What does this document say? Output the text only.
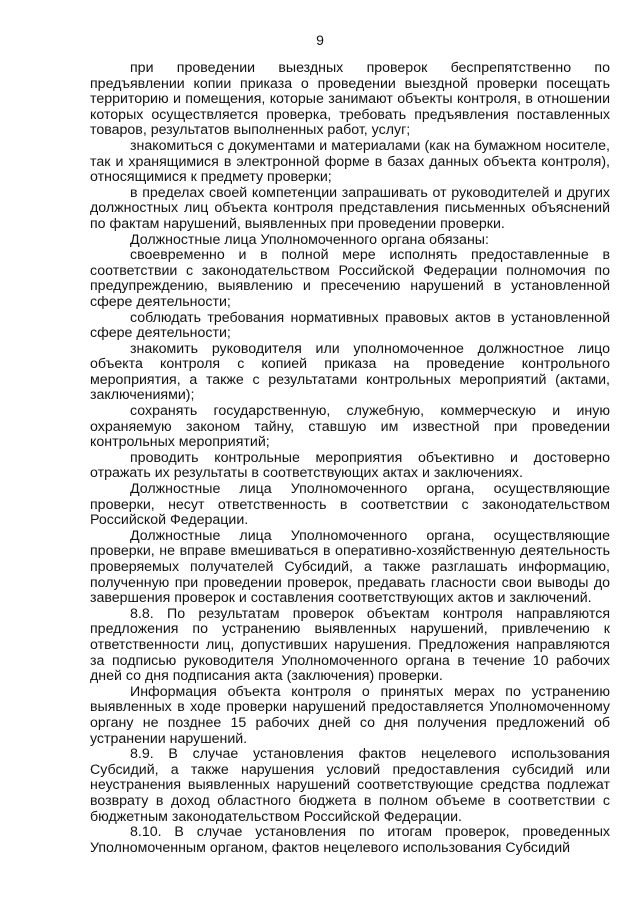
9

при проведении выездных проверок беспрепятственно по предъявлении копии приказа о проведении выездной проверки посещать территорию и помещения, которые занимают объекты контроля, в отношении которых осуществляется проверка, требовать предъявления поставленных товаров, результатов выполненных работ, услуг;

знакомиться с документами и материалами (как на бумажном носителе, так и хранящимися в электронной форме в базах данных объекта контроля), относящимися к предмету проверки;

в пределах своей компетенции запрашивать от руководителей и других должностных лиц объекта контроля представления письменных объяснений по фактам нарушений, выявленных при проведении проверки.

Должностные лица Уполномоченного органа обязаны:

своевременно и в полной мере исполнять предоставленные в соответствии с законодательством Российской Федерации полномочия по предупреждению, выявлению и пресечению нарушений в установленной сфере деятельности;

соблюдать требования нормативных правовых актов в установленной сфере деятельности;

знакомить руководителя или уполномоченное должностное лицо объекта контроля с копией приказа на проведение контрольного мероприятия, а также с результатами контрольных мероприятий (актами, заключениями);

сохранять государственную, служебную, коммерческую и иную охраняемую законом тайну, ставшую им известной при проведении контрольных мероприятий;

проводить контрольные мероприятия объективно и достоверно отражать их результаты в соответствующих актах и заключениях.

Должностные лица Уполномоченного органа, осуществляющие проверки, несут ответственность в соответствии с законодательством Российской Федерации.

Должностные лица Уполномоченного органа, осуществляющие проверки, не вправе вмешиваться в оперативно-хозяйственную деятельность проверяемых получателей Субсидий, а также разглашать информацию, полученную при проведении проверок, предавать гласности свои выводы до завершения проверок и составления соответствующих актов и заключений.

8.8. По результатам проверок объектам контроля направляются предложения по устранению выявленных нарушений, привлечению к ответственности лиц, допустивших нарушения. Предложения направляются за подписью руководителя Уполномоченного органа в течение 10 рабочих дней со дня подписания акта (заключения) проверки.

Информация объекта контроля о принятых мерах по устранению выявленных в ходе проверки нарушений предоставляется Уполномоченному органу не позднее 15 рабочих дней со дня получения предложений об устранении нарушений.

8.9. В случае установления фактов нецелевого использования Субсидий, а также нарушения условий предоставления субсидий или неустранения выявленных нарушений соответствующие средства подлежат возврату в доход областного бюджета в полном объеме в соответствии с бюджетным законодательством Российской Федерации.

8.10. В случае установления по итогам проверок, проведенных Уполномоченным органом, фактов нецелевого использования Субсидий
